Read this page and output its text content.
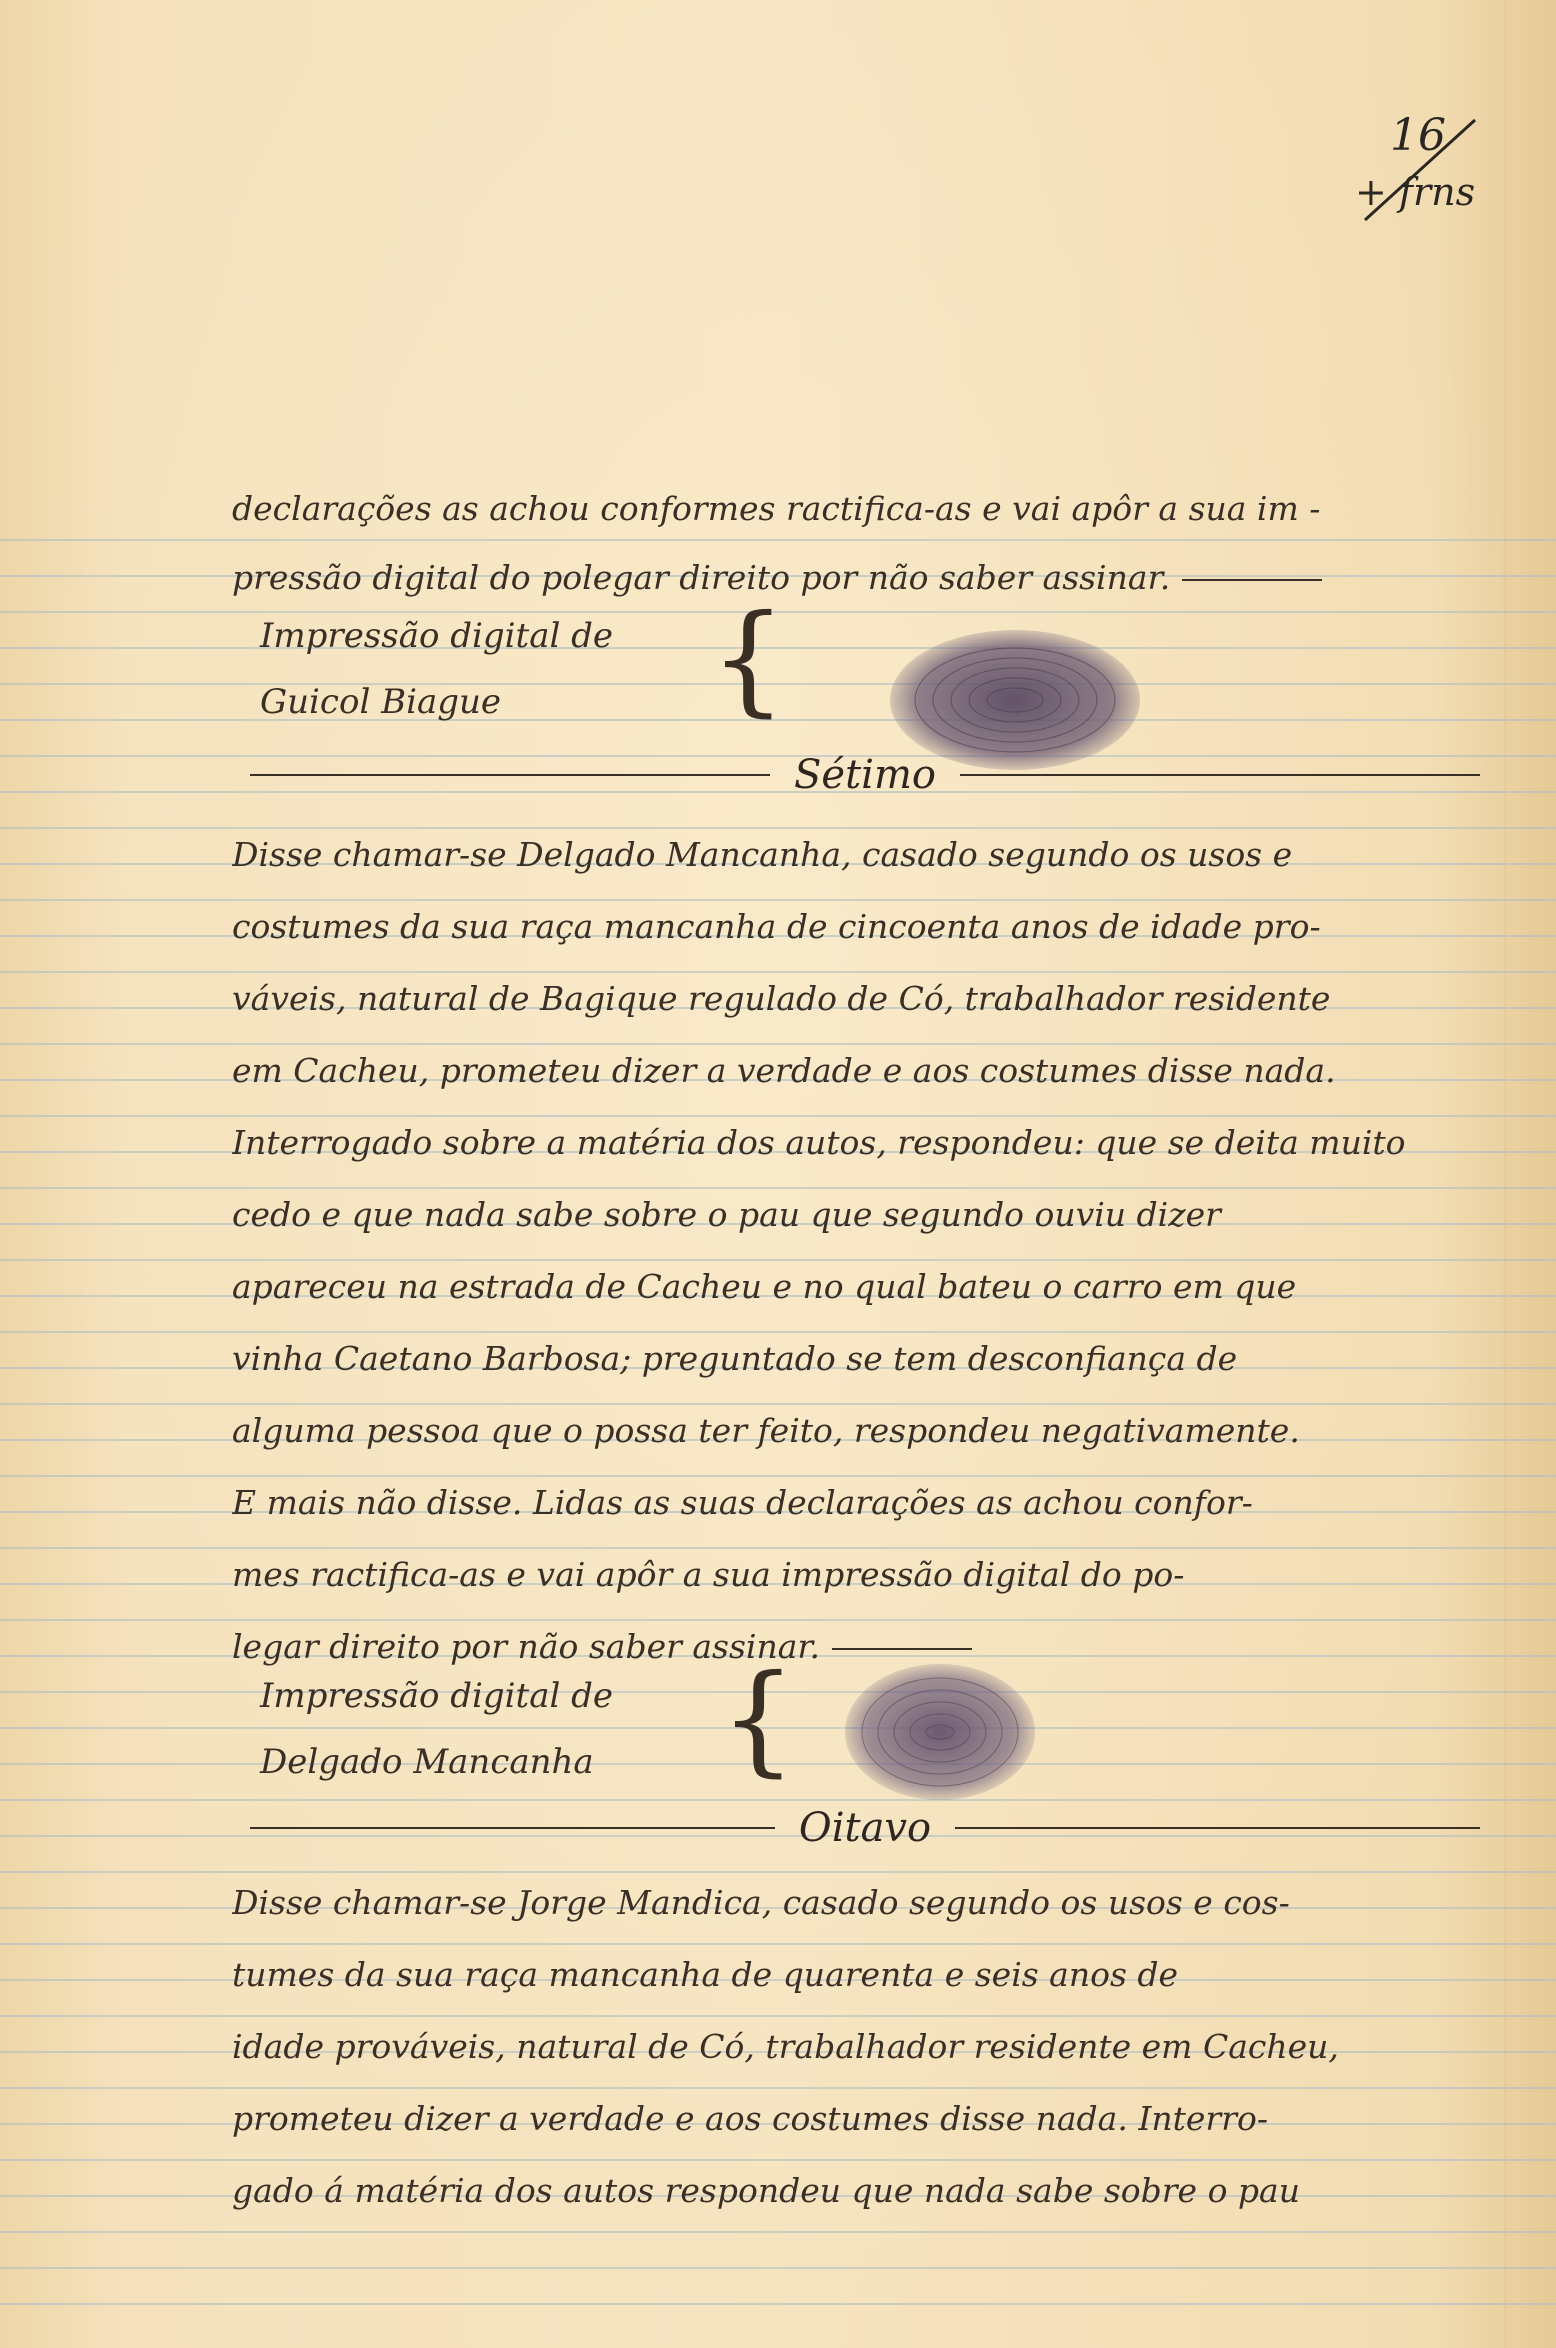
16
+ frns
declarações as achou conformes ractifica-as e vai apôr a sua im -
pressão digital do polegar direito por não saber assinar.
Impressão digital de
Guicol Biague {
Sétimo
Disse chamar-se Delgado Mancanha, casado segundo os usos e
costumes da sua raça mancanha de cincoenta anos de idade pro-
váveis, natural de Bagique regulado de Có, trabalhador residente
em Cacheu, prometeu dizer a verdade e aos costumes disse nada.
Interrogado sobre a matéria dos autos, respondeu: que se deita muito
cedo e que nada sabe sobre o pau que segundo ouviu dizer
apareceu na estrada de Cacheu e no qual bateu o carro em que
vinha Caetano Barbosa; preguntado se tem desconfiança de
alguma pessoa que o possa ter feito, respondeu negativamente.
E mais não disse. Lidas as suas declarações as achou confor-
mes ractifica-as e vai apôr a sua impressão digital do po-
legar direito por não saber assinar.
Impressão digital de
Delgado Mancanha {
Oitavo
Disse chamar-se Jorge Mandica, casado segundo os usos e cos-
tumes da sua raça mancanha de quarenta e seis anos de
idade prováveis, natural de Có, trabalhador residente em Cacheu,
prometeu dizer a verdade e aos costumes disse nada. Interro-
gado á matéria dos autos respondeu que nada sabe sobre o pau
